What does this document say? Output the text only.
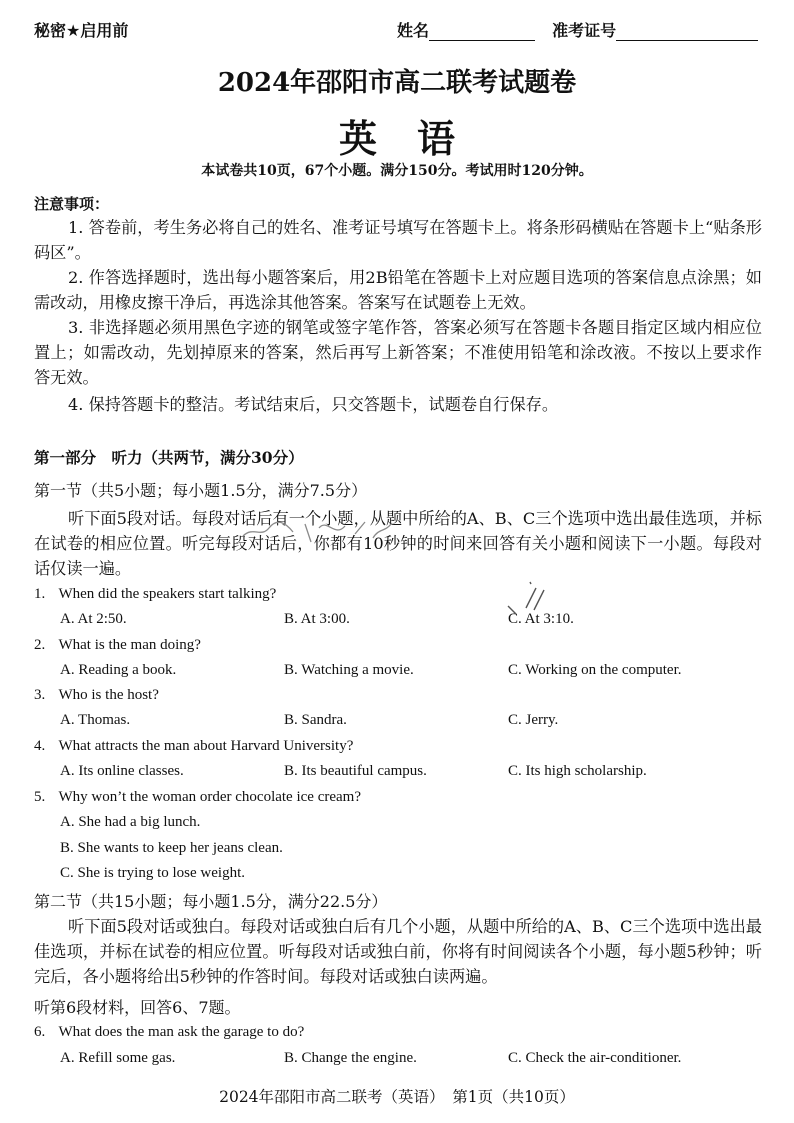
秘密★启用前	姓名	准考证号
2024年邵阳市高二联考试题卷
英语
本试卷共10页，67个小题。满分150分。考试用时120分钟。
注意事项：
1. 答卷前，考生务必将自己的姓名、准考证号填写在答题卡上。将条形码横贴在答题卡上“贴条形码区”。
2. 作答选择题时，选出每小题答案后，用2B铅笔在答题卡上对应题目选项的答案信息点涂黑；如需改动，用橡皮擦干净后，再选涂其他答案。答案写在试题卷上无效。
3. 非选择题必须用黑色字迹的钢笔或签字笔作答，答案必须写在答题卡各题目指定区域内相应位置上；如需改动，先划掉原来的答案，然后再写上新答案；不准使用铅笔和涂改液。不按以上要求作答无效。
4. 保持答题卡的整洁。考试结束后，只交答题卡，试题卷自行保存。
第一部分　听力（共两节，满分30分）
第一节（共5小题；每小题1.5分，满分7.5分）
听下面5段对话。每段对话后有一个小题，从题中所给的A、B、C三个选项中选出最佳选项，并标在试卷的相应位置。听完每段对话后，你都有10秒钟的时间来回答有关小题和阅读下一小题。每段对话仅读一遍。
1. When did the speakers start talking?
A. At 2:50.	B. At 3:00.	C. At 3:10.
2. What is the man doing?
A. Reading a book.	B. Watching a movie.	C. Working on the computer.
3. Who is the host?
A. Thomas.	B. Sandra.	C. Jerry.
4. What attracts the man about Harvard University?
A. Its online classes.	B. Its beautiful campus.	C. Its high scholarship.
5. Why won’t the woman order chocolate ice cream?
A. She had a big lunch.
B. She wants to keep her jeans clean.
C. She is trying to lose weight.
第二节（共15小题；每小题1.5分，满分22.5分）
听下面5段对话或独白。每段对话或独白后有几个小题，从题中所给的A、B、C三个选项中选出最佳选项，并标在试卷的相应位置。听每段对话或独白前，你将有时间阅读各个小题，每小题5秒钟；听完后，各小题将给出5秒钟的作答时间。每段对话或独白读两遍。
听第6段材料，回答6、7题。
6. What does the man ask the garage to do?
A. Refill some gas.	B. Change the engine.	C. Check the air-conditioner.
2024年邵阳市高二联考（英语）　第1页（共10页）
